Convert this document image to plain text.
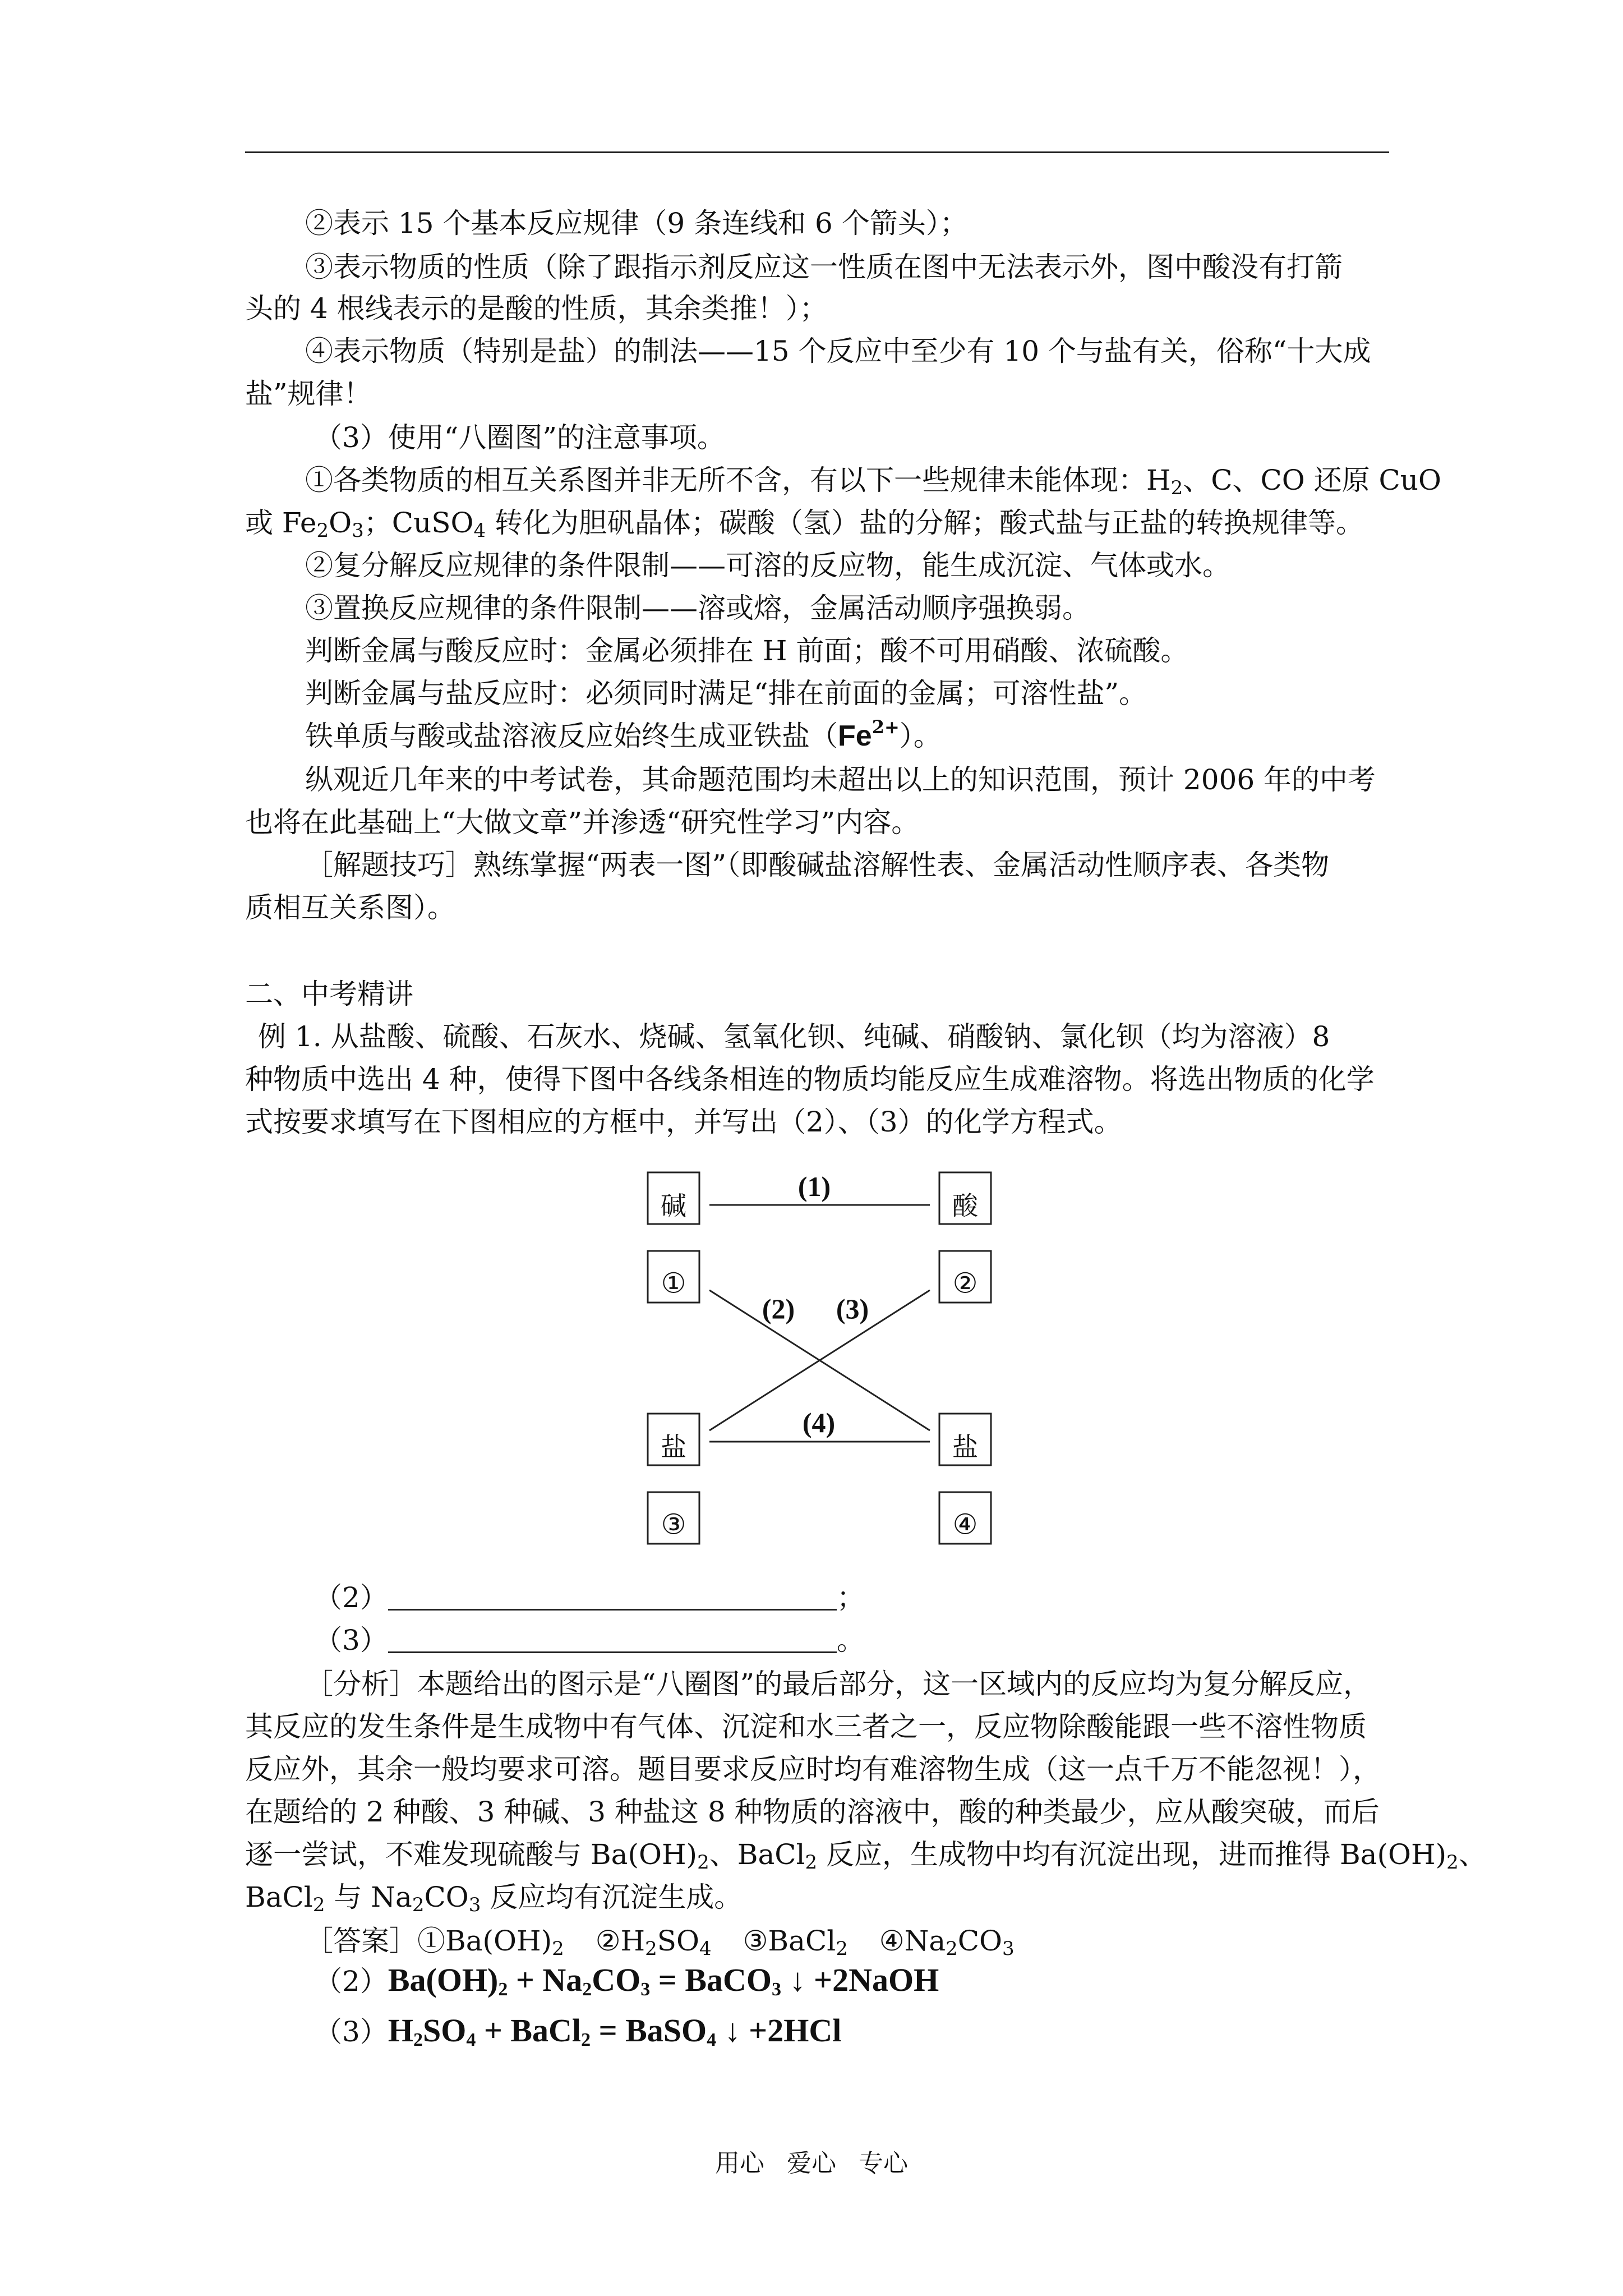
②表示 15 个基本反应规律（9 条连线和 6 个箭头）；
③表示物质的性质（除了跟指示剂反应这一性质在图中无法表示外，图中酸没有打箭
头的 4 根线表示的是酸的性质，其余类推！）；
④表示物质（特别是盐）的制法——15 个反应中至少有 10 个与盐有关，俗称“十大成
盐”规律！
（3）使用“八圈图”的注意事项。
①各类物质的相互关系图并非无所不含，有以下一些规律未能体现：$H_2$、C、CO 还原 CuO
或 $Fe_2O_3$；CuSO$_4$ 转化为胆矾晶体；碳酸（氢）盐的分解；酸式盐与正盐的转换规律等。
②复分解反应规律的条件限制——可溶的反应物，能生成沉淀、气体或水。
③置换反应规律的条件限制——溶或熔，金属活动顺序强换弱。
判断金属与酸反应时：金属必须排在 H 前面；酸不可用硝酸、浓硫酸。
判断金属与盐反应时：必须同时满足“排在前面的金属；可溶性盐”。
铁单质与酸或盐溶液反应始终生成亚铁盐$(Fe^{2+})$。
纵观近几年来的中考试卷，其命题范围均未超出以上的知识范围，预计 2006 年的中考
也将在此基础上“大做文章”并渗透“研究性学习”内容。
［解题技巧］熟练掌握“两表一图”（即酸碱盐溶解性表、金属活动性顺序表、各类物
质相互关系图）。
二、中考精讲
例 1. 从盐酸、硫酸、石灰水、烧碱、氢氧化钡、纯碱、硝酸钠、氯化钡（均为溶液）8
种物质中选出 4 种，使得下图中各线条相连的物质均能反应生成难溶物。将选出物质的化学
式按要求填写在下图相应的方框中，并写出（2）、（3）的化学方程式。
碱	酸
①	②
盐	盐
③	④
(1)
(2) (3)
(4)
（2）	；
（3）	。
［分析］本题给出的图示是“八圈图”的最后部分，这一区域内的反应均为复分解反应，
其反应的发生条件是生成物中有气体、沉淀和水三者之一，反应物除酸能跟一些不溶性物质
反应外，其余一般均要求可溶。题目要求反应时均有难溶物生成（这一点千万不能忽视！），
在题给的 2 种酸、3 种碱、3 种盐这 8 种物质的溶液中，酸的种类最少，应从酸突破，而后
逐一尝试，不难发现硫酸与 $Ba(OH)_2$、BaCl$_2$ 反应，生成物中均有沉淀出现，进而推得 $Ba(OH)_2$、
BaCl$_2$ 与 $Na_2CO_3$ 反应均有沉淀生成。
［答案$]①Ba(OH)_2$ $②H_2SO_4$ ③BaCl$_2$ $④Na_2CO_3$
$(2)Ba(OH)_2 + Na_2CO_3$ = BaCO$_3$ ↓ +2NaOH
$(3)H_2SO_4$ + BaCl$_2$ = BaSO$_4$ ↓ +2HCl
用心 爱心 专心
